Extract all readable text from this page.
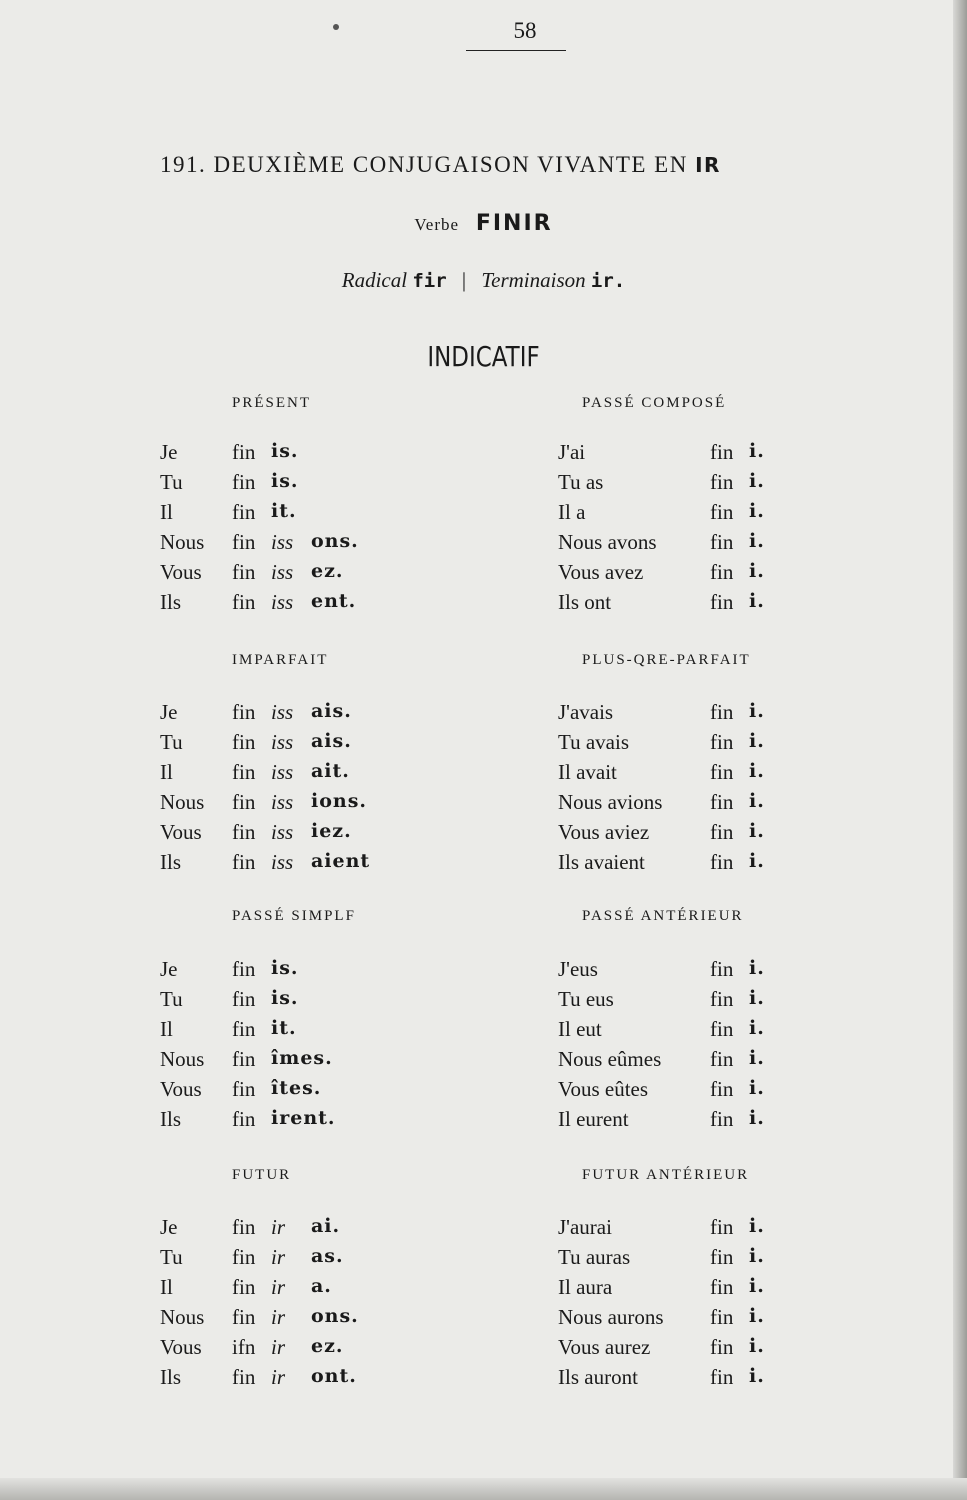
58
191. DEUXIÈME CONJUGAISON VIVANTE EN IR
Verbe FINIR
Radical fir | Terminaison ir.
INDICATIF
PRÉSENT
Je	fin is.
Tu fin is.
Il	fin it.
Nous fin iss ons.
Vous fin iss ez.
Ils fin iss ent.
IMPARFAIT
Je	fin iss ais.
Tu fin iss ais.
Il	fin iss ait.
Nous fin iss ions.
Vous fin iss iez.
Ils fin iss aient
PASSÉ SIMPLF
Je	fin is.
Tu fin is.
Il	fin it.
Nous fin îmes.
Vous fin îtes.
Ils fin irent.
FUTUR
Je	fin ir ai.
Tu fin ir as.
Il	fin ir a.
Nous fin ir ons.
Vous ifn ir ez.
Ils fin ir ont.
PASSÉ COMPOSÉ
J'ai	fin i.
Tu as	fin i.
Il a	fin i.
Nous avons	fin i.
Vous avez	fin i.
Ils ont	fin i.
PLUS-QRE-PARFAIT
J'avais	fin i.
Tu avais	fin i.
Il avait	fin i.
Nous avions fin i.
Vous aviez	fin i.
Ils avaient	fin i.
PASSÉ ANTÉRIEUR
J'eus	fin i.
Tu eus	fin i.
Il eut	fin i.
Nous eûmes fin i.
Vous eûtes	fin i.
Il eurent	fin i.
FUTUR ANTÉRIEUR
J'aurai	fin i.
Tu auras	fin i.
Il aura	fin i.
Nous aurons fin i.
Vous aurez	fin i.
Ils auront	fin i.
